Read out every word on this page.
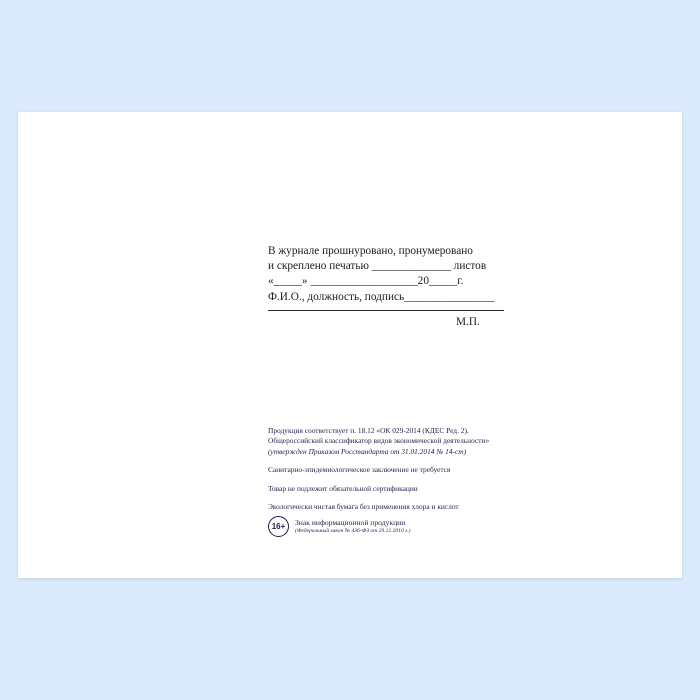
В журнале прошнуровано, пронумеровано
и скреплено печатью ______________ листов
«_____» ___________________20_____г.
Ф.И.О., должность, подпись________________
М.П.
Продукция соответствует п. 18.12 «ОК 029-2014 (КДЕС Ред. 2).
Общероссийский классификатор видов экономической деятельности»
(утвержден Приказом Росстандарта от 31.01.2014 № 14-ст)
Санитарно-эпидемиологическое заключение не требуется
Товар не подлежит обязательной сертификации
Экологически чистая бумага без применения хлора и кислот
16+	Знак информационной продукции
(Федеральный закон № 436-ФЗ от 29.12.2010 г.)
